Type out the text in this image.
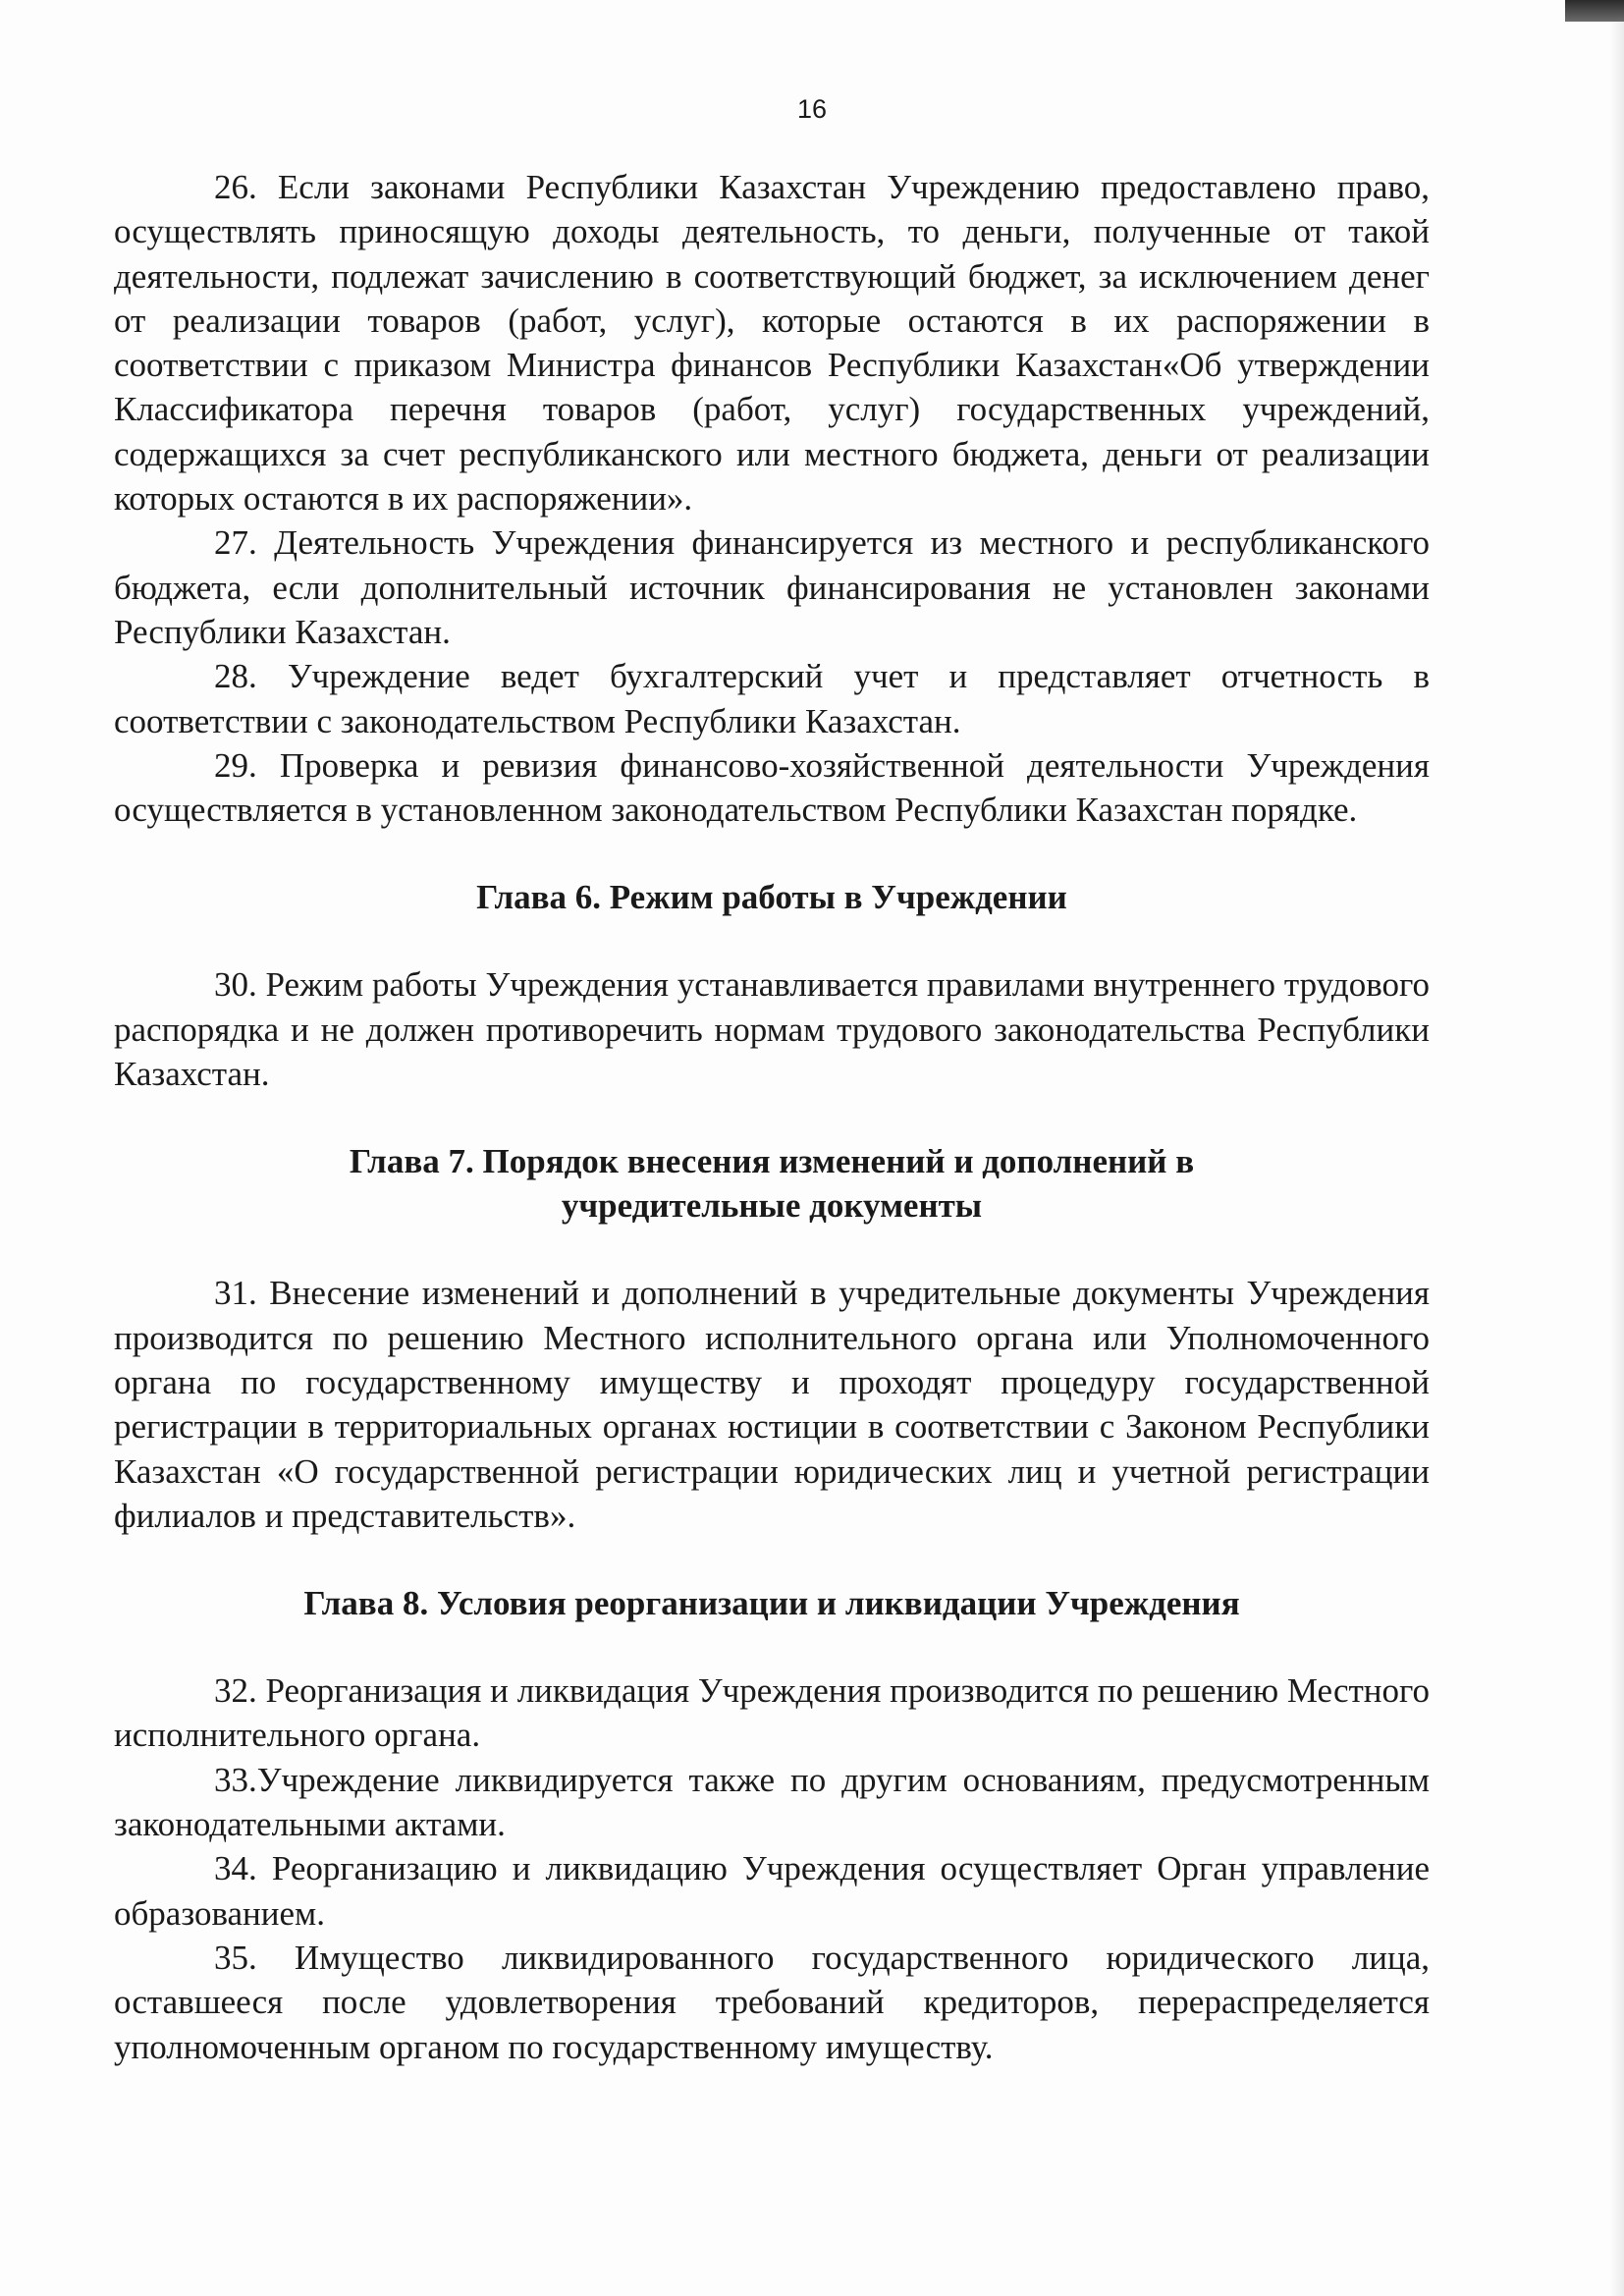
16

26. Если законами Республики Казахстан Учреждению предоставлено право, осуществлять приносящую доходы деятельность, то деньги, полученные от такой деятельности, подлежат зачислению в соответствующий бюджет, за исключением денег от реализации товаров (работ, услуг), которые остаются в их распоряжении в соответствии с приказом Министра финансов Республики Казахстан«Об утверждении Классификатора перечня товаров (работ, услуг) государственных учреждений, содержащихся за счет республиканского или местного бюджета, деньги от реализации которых остаются в их распоряжении».

27. Деятельность Учреждения финансируется из местного и республиканского бюджета, если дополнительный источник финансирования не установлен законами Республики Казахстан.

28. Учреждение ведет бухгалтерский учет и представляет отчетность в соответствии с законодательством Республики Казахстан.

29. Проверка и ревизия финансово-хозяйственной деятельности Учреждения осуществляется в установленном законодательством Республики Казахстан порядке.

Глава 6. Режим работы в Учреждении

30. Режим работы Учреждения устанавливается правилами внутреннего трудового распорядка и не должен противоречить нормам трудового законодательства Республики Казахстан.

Глава 7. Порядок внесения изменений и дополнений в
учредительные документы

31. Внесение изменений и дополнений в учредительные документы Учреждения производится по решению Местного исполнительного органа или Уполномоченного органа по государственному имуществу и проходят процедуру государственной регистрации в территориальных органах юстиции в соответствии с Законом Республики Казахстан «О государственной регистрации юридических лиц и учетной регистрации филиалов и представительств».

Глава 8. Условия реорганизации и ликвидации Учреждения

32. Реорганизация и ликвидация Учреждения производится по решению Местного исполнительного органа.

33.Учреждение ликвидируется также по другим основаниям, предусмотренным законодательными актами.

34. Реорганизацию и ликвидацию Учреждения осуществляет Орган управление образованием.

35. Имущество ликвидированного государственного юридического лица, оставшееся после удовлетворения требований кредиторов, перераспределяется уполномоченным органом по государственному имуществу.
